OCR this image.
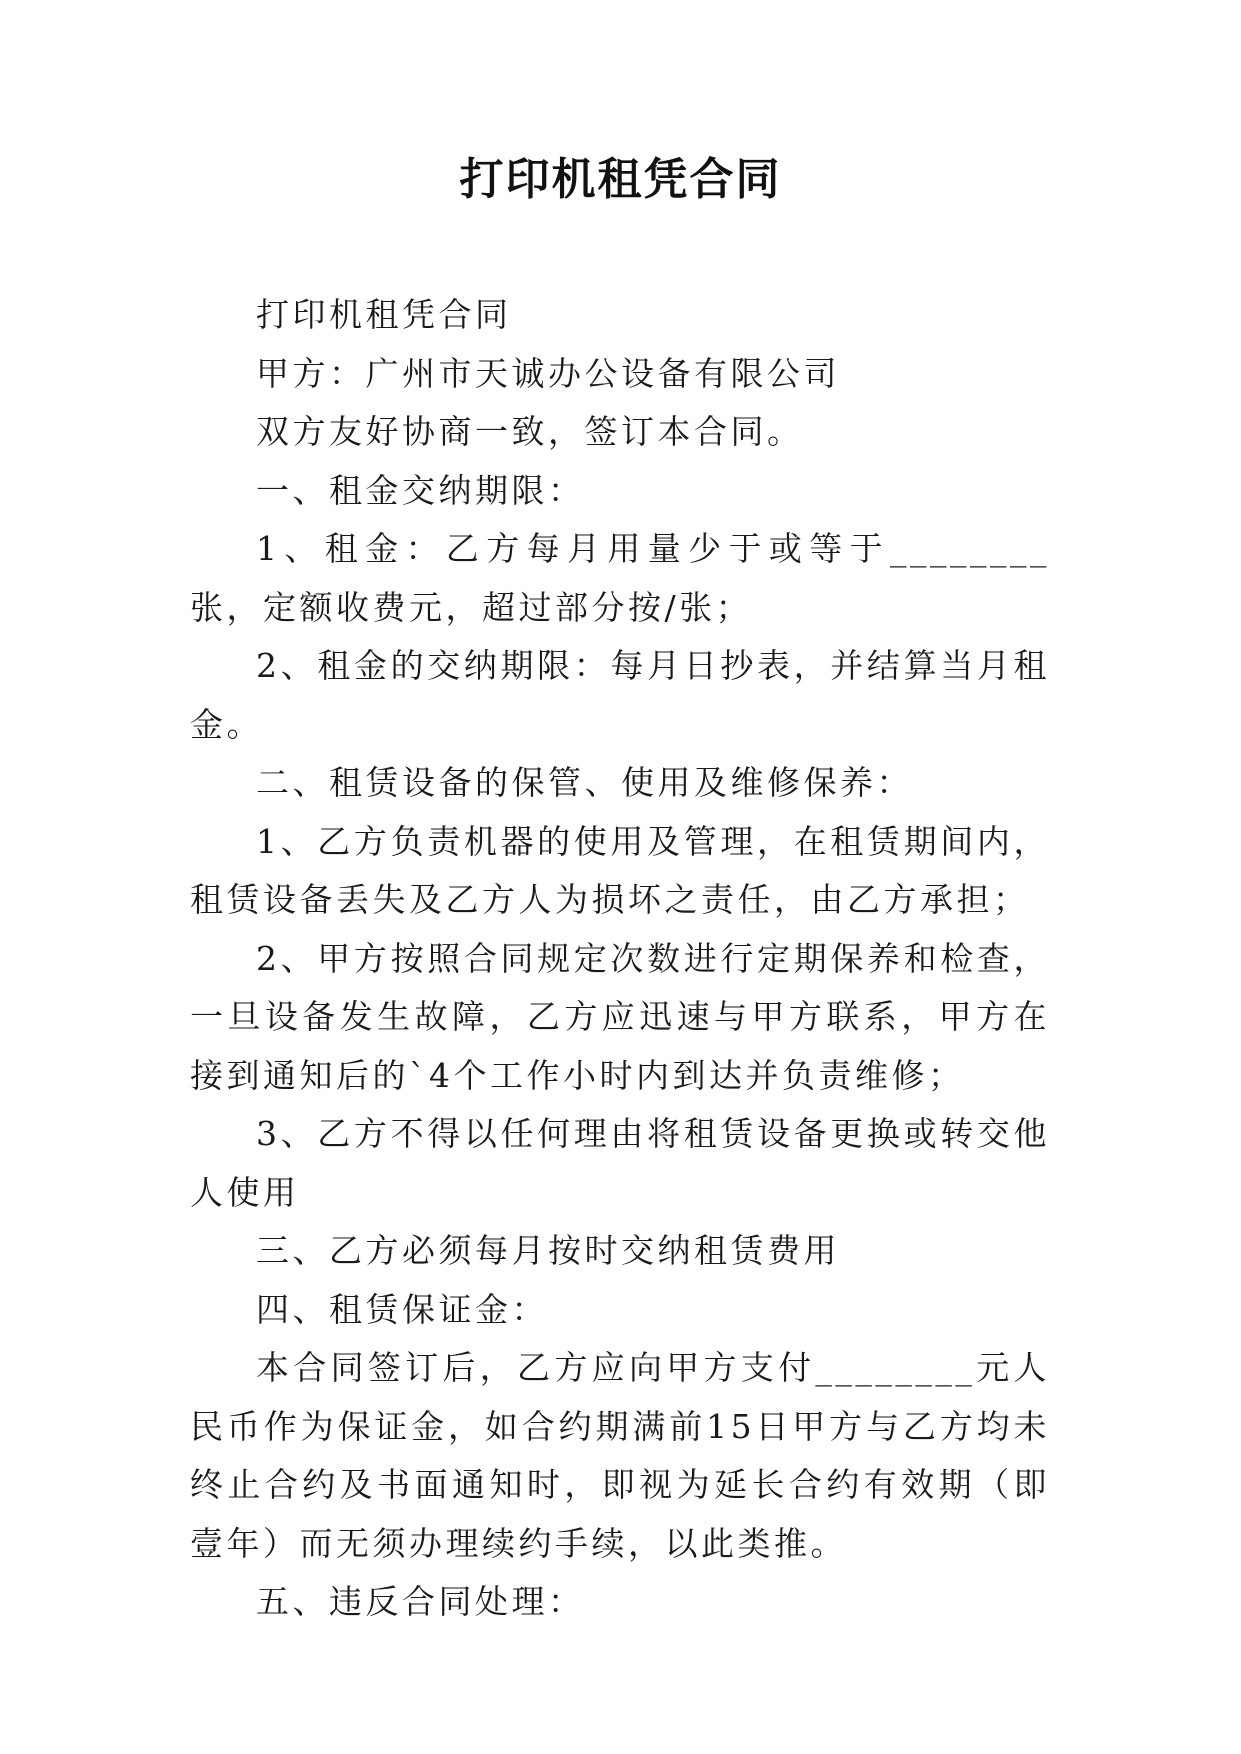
打印机租凭合同

打印机租凭合同

甲方：广州市天诚办公设备有限公司

双方友好协商一致，签订本合同。

一、租金交纳期限：

1、租金：乙方每月用量少于或等于________张，定额收费元，超过部分按/张；

2、租金的交纳期限：每月日抄表，并结算当月租金。

二、租赁设备的保管、使用及维修保养：

1、乙方负责机器的使用及管理，在租赁期间内，租赁设备丢失及乙方人为损坏之责任，由乙方承担；

2、甲方按照合同规定次数进行定期保养和检查，一旦设备发生故障，乙方应迅速与甲方联系，甲方在接到通知后的`4个工作小时内到达并负责维修；

3、乙方不得以任何理由将租赁设备更换或转交他人使用

三、乙方必须每月按时交纳租赁费用

四、租赁保证金：

本合同签订后，乙方应向甲方支付________元人民币作为保证金，如合约期满前15日甲方与乙方均未终止合约及书面通知时，即视为延长合约有效期（即壹年）而无须办理续约手续，以此类推。

五、违反合同处理：
